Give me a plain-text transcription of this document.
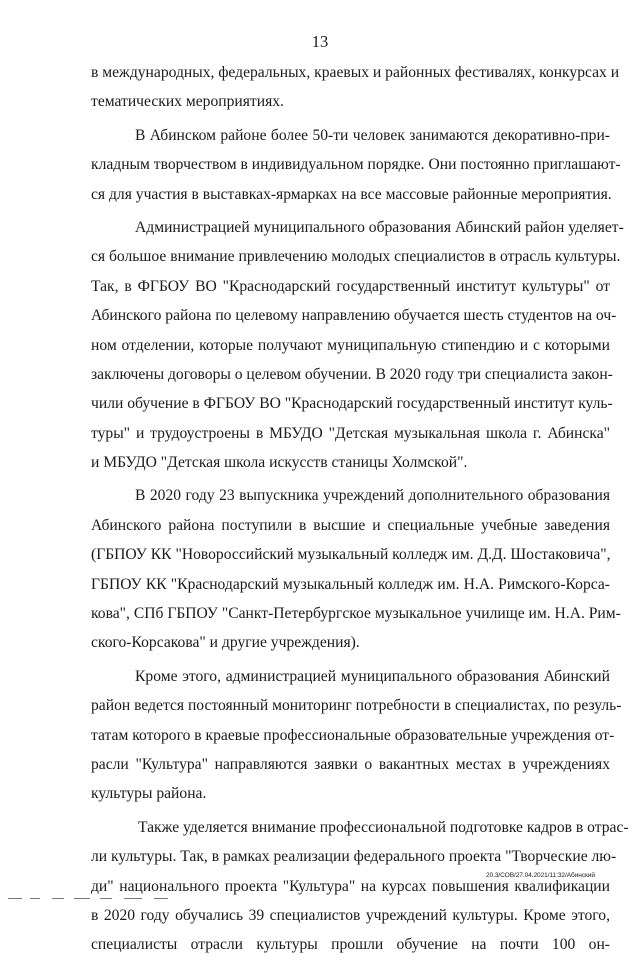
13
в международных, федеральных, краевых и районных фестивалях, конкурсах и
тематических мероприятиях.
В Абинском районе более 50-ти человек занимаются декоративно-при-
кладным творчеством в индивидуальном порядке. Они постоянно приглашают-
ся для участия в выставках-ярмарках на все массовые районные мероприятия.
Администрацией муниципального образования Абинский район уделяет-
ся большое внимание привлечению молодых специалистов в отрасль культуры.
Так, в ФГБОУ ВО "Краснодарский государственный институт культуры" от
Абинского района по целевому направлению обучается шесть студентов на оч-
ном отделении, которые получают муниципальную стипендию и с которыми
заключены договоры о целевом обучении. В 2020 году три специалиста закон-
чили обучение в ФГБОУ ВО "Краснодарский государственный институт куль-
туры" и трудоустроены в МБУДО "Детская музыкальная школа г. Абинска"
и МБУДО "Детская школа искусств станицы Холмской".
В 2020 году 23 выпускника учреждений дополнительного образования
Абинского района поступили в высшие и специальные учебные заведения
(ГБПОУ КК "Новороссийский музыкальный колледж им. Д.Д. Шостаковича",
ГБПОУ КК "Краснодарский музыкальный колледж им. Н.А. Римского-Корса-
кова", СПб ГБПОУ "Санкт-Петербургское музыкальное училище им. Н.А. Рим-
ского-Корсакова" и другие учреждения).
Кроме этого, администрацией муниципального образования Абинский
район ведется постоянный мониторинг потребности в специалистах, по резуль-
татам которого в краевые профессиональные образовательные учреждения от-
расли "Культура" направляются заявки о вакантных местах в учреждениях
культуры района.
Также уделяется внимание профессиональной подготовке кадров в отрас-
ли культуры. Так, в рамках реализации федерального проекта "Творческие лю-
ди" национального проекта "Культура" на курсах повышения квалификации
в 2020 году обучались 39 специалистов учреждений культуры. Кроме этого,
специалисты отрасли культуры прошли обучение на почти 100 он-
20.3/СОВ/27.04.2021/11:32/Абинский
